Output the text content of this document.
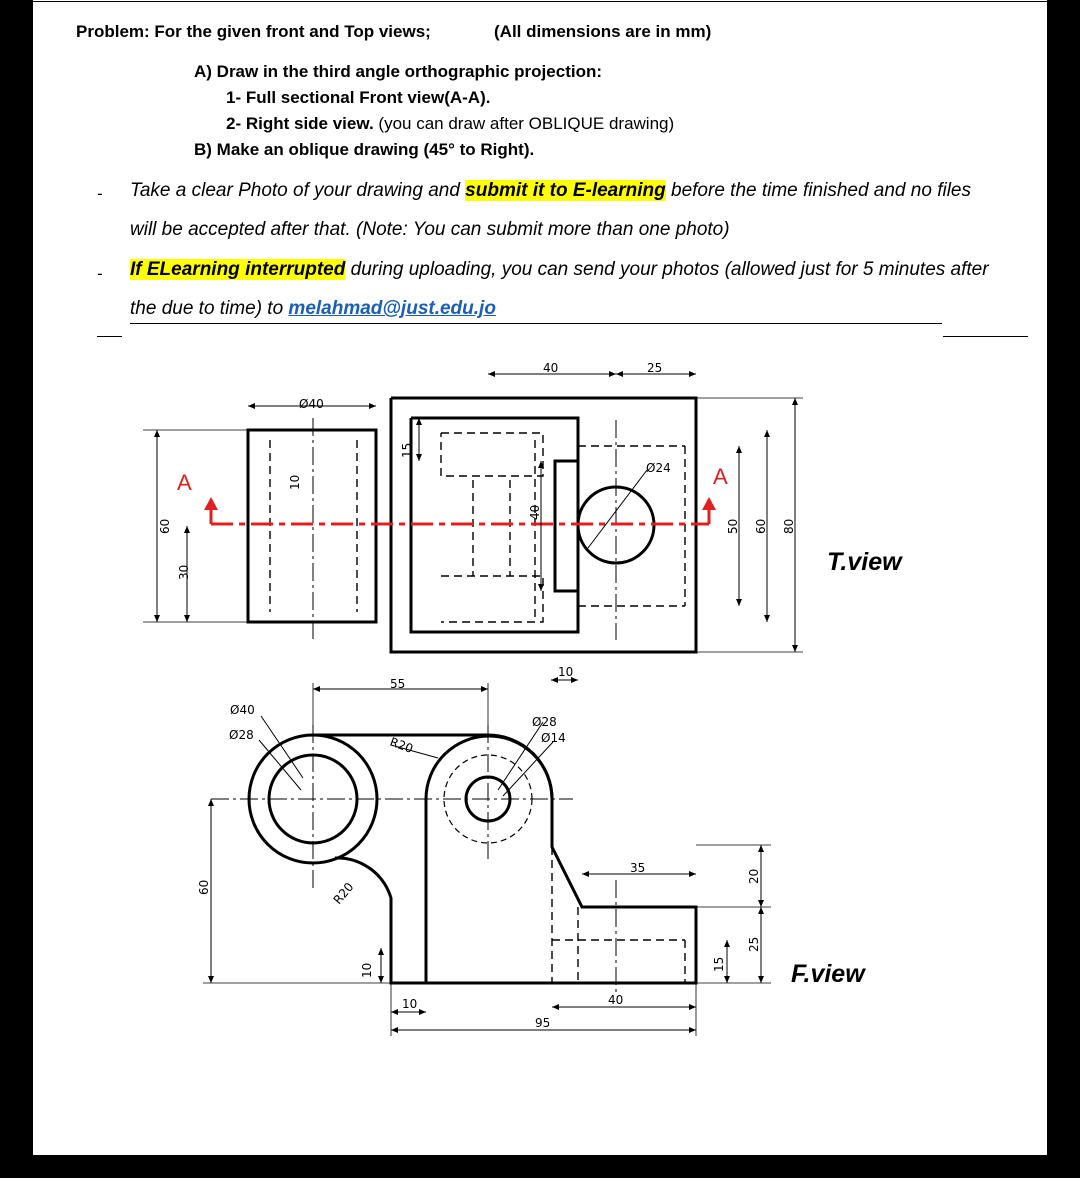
Problem: For the given front and Top views;	(All dimensions are in mm)
A) Draw in the third angle orthographic projection:
1- Full sectional Front view(A-A).
2- Right side view. (you can draw after OBLIQUE drawing)
B) Make an oblique drawing (45° to Right).
- Take a clear Photo of your drawing and submit it to E-learning before the time finished and no files
will be accepted after that. (Note: You can submit more than one photo)
- If ELearning interrupted during uploading, you can send your photos (allowed just for 5 minutes after
the due to time) to melahmad@just.edu.jo
Ø40
40	25
Ø24
15
10
40
60
30
50 60 80
10
A	A
T.view
55
Ø40
Ø28	R20
Ø28
Ø14
R20
60
10
10
35
20
25
15
40
95
F.view
